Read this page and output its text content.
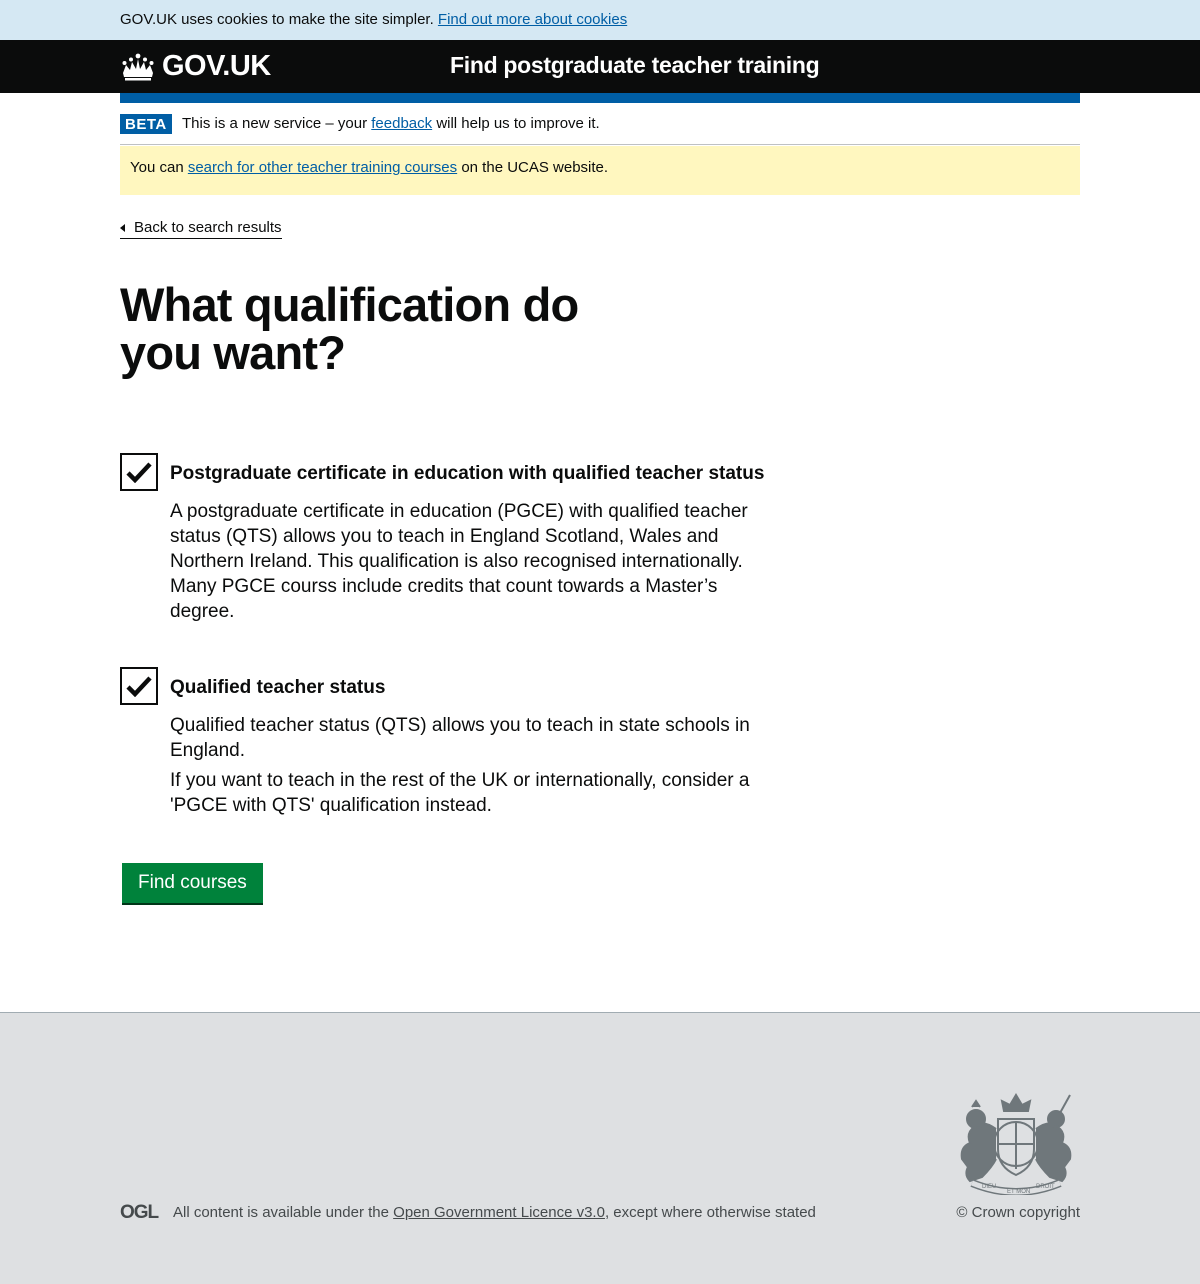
GOV.UK uses cookies to make the site simpler. Find out more about cookies
GOV.UK	Find postgraduate teacher training
BETA	This is a new service – your feedback will help us to improve it.
You can search for other teacher training courses on the UCAS website.
Back to search results
What qualification do you want?
Postgraduate certificate in education with qualified teacher status

A postgraduate certificate in education (PGCE) with qualified teacher status (QTS) allows you to teach in England Scotland, Wales and Northern Ireland. This qualification is also recognised internationally. Many PGCE courss include credits that count towards a Master’s degree.

Qualified teacher status

Qualified teacher status (QTS) allows you to teach in state schools in England.

If you want to teach in the rest of the UK or internationally, consider a 'PGCE with QTS' qualification instead.

Find courses
DIEU
ET MON
DROIT
OGL All content is available under the Open Government Licence v3.0, except where otherwise stated	© Crown copyright
